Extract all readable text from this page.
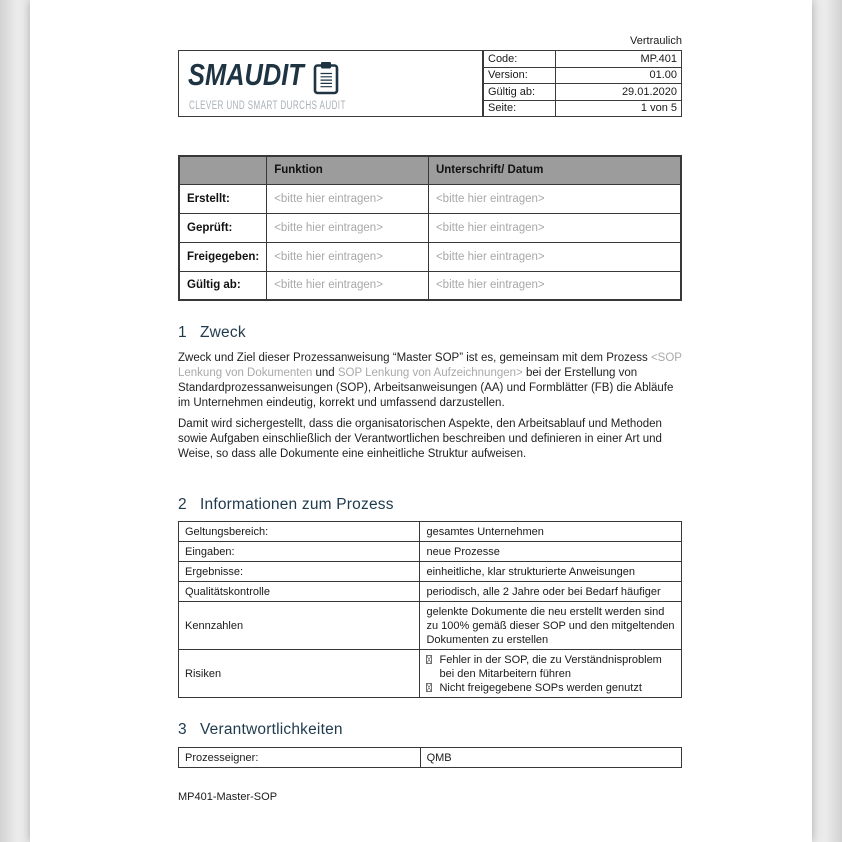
Vertraulich
SMAUDIT
CLEVER UND SMART DURCHS AUDIT
Code:	MP.401
Version:	01.00
Gültig ab:	29.01.2020
Seite:	1 von 5
	Funktion	Unterschrift/ Datum
Erstellt:	<bitte hier eintragen>	<bitte hier eintragen>
Geprüft:	<bitte hier eintragen>	<bitte hier eintragen>
Freigegeben:	<bitte hier eintragen>	<bitte hier eintragen>
Gültig ab:	<bitte hier eintragen>	<bitte hier eintragen>
1 Zweck

Zweck und Ziel dieser Prozessanweisung “Master SOP” ist es, gemeinsam mit dem Prozess <SOP Lenkung von Dokumenten und SOP Lenkung von Aufzeichnungen> bei der Erstellung von Standardprozessanweisungen (SOP), Arbeitsanweisungen (AA) und Formblätter (FB) die Abläufe im Unternehmen eindeutig, korrekt und umfassend darzustellen.

Damit wird sichergestellt, dass die organisatorischen Aspekte, den Arbeitsablauf und Methoden sowie Aufgaben einschließlich der Verantwortlichen beschreiben und definieren in einer Art und Weise, so dass alle Dokumente eine einheitliche Struktur aufweisen.

2 Informationen zum Prozess
Geltungsbereich:	gesamtes Unternehmen
Eingaben:	neue Prozesse
Ergebnisse:	einheitliche, klar strukturierte Anweisungen
Qualitätskontrolle	periodisch, alle 2 Jahre oder bei Bedarf häufiger
Kennzahlen	gelenkte Dokumente die neu erstellt werden sind zu 100% gemäß dieser SOP und den mitgeltenden Dokumenten zu erstellen
Risiken	Fehler in der SOP, die zu Verständnisproblem bei den Mitarbeitern führen
Nicht freigegebene SOPs werden genutzt
3 Verantwortlichkeiten
Prozesseigner:	QMB
MP401-Master-SOP
